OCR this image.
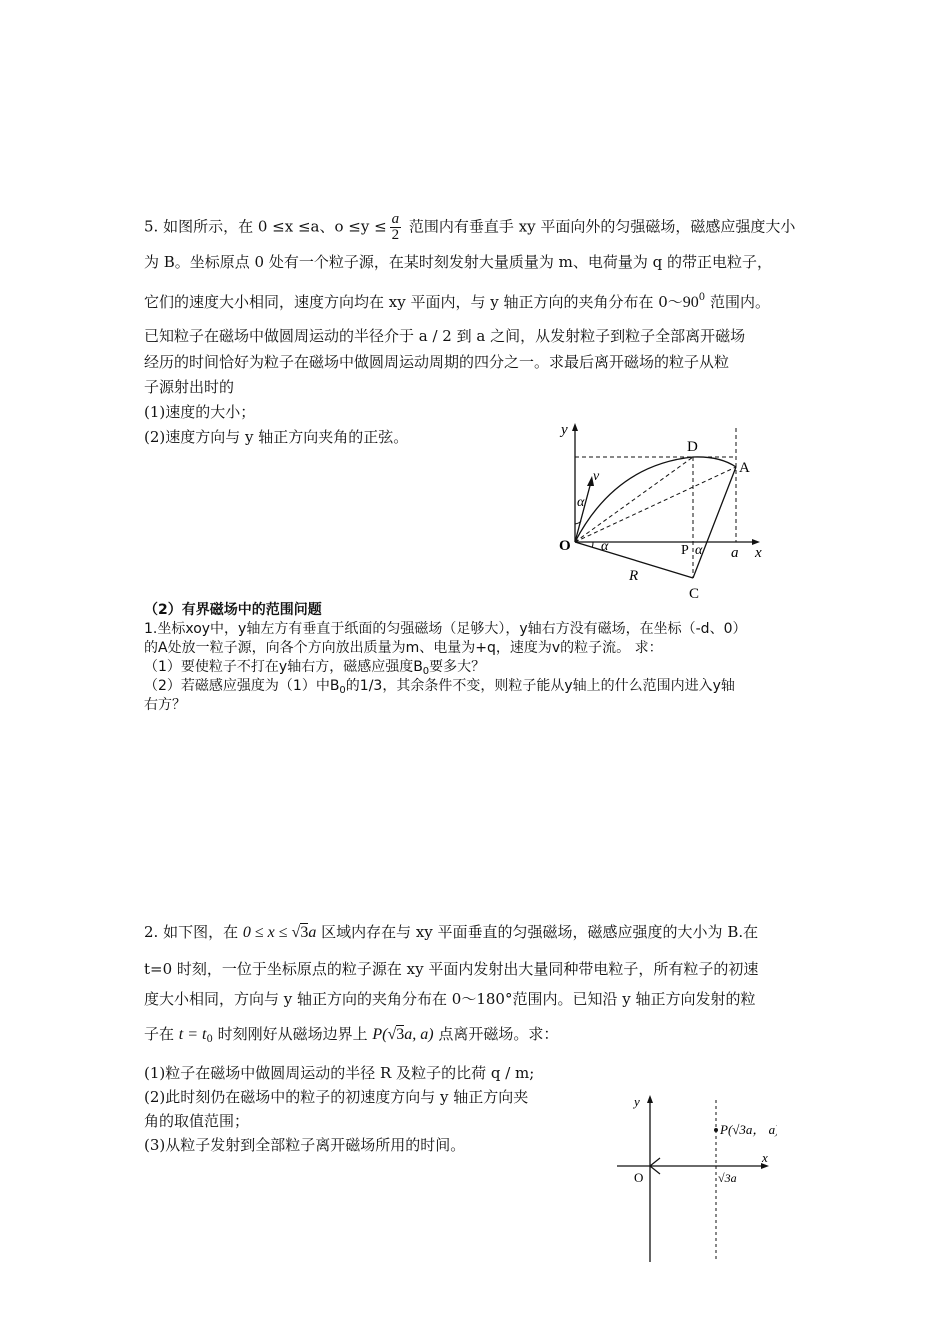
5. 如图所示，在 0 ≤x ≤a、$o \le y \le \frac{a}{2}$ 范围内有垂直手 xy 平面向外的匀强磁场，磁感应强度大小
为 B。坐标原点 0 处有一个粒子源，在某时刻发射大量质量为 m、电荷量为 q 的带正电粒子，
它们的速度大小相同，速度方向均在 xy 平面内，与 y 轴正方向的夹角分布在 $0\sim 90^0$ 范围内。
已知粒子在磁场中做圆周运动的半径介于 a / 2 到 a 之间，从发射粒子到粒子全部离开磁场
经历的时间恰好为粒子在磁场中做圆周运动周期的四分之一。求最后离开磁场的粒子从粒
子源射出时的
(1)速度的大小；
(2)速度方向与 y 轴正方向夹角的正弦。	y
x
O
D
A
P
C
v
α
α	α a
R
（2）有界磁场中的范围问题
1.坐标xoy中，y轴左方有垂直于纸面的匀强磁场（足够大），y轴右方没有磁场，在坐标（-d、0）
的A处放一粒子源，向各个方向放出质量为m、电量为+q，速度为v的粒子流。 求：
（1）要使粒子不打在y轴右方，磁感应强度$B_0$要多大？
（2）若磁感应强度为（1）中$B_0$的1/3，其余条件不变，则粒子能从y轴上的什么范围内进入y轴
右方？
2. 如下图，在 0 ≤ x ≤ √3a 区域内存在与 xy 平面垂直的匀强磁场，磁感应强度的大小为 B.在
t=0 时刻，一位于坐标原点的粒子源在 xy 平面内发射出大量同种带电粒子，所有粒子的初速
度大小相同，方向与 y 轴正方向的夹角分布在 0～180°范围内。已知沿 y 轴正方向发射的粒
子在 $t = t_0$ 时刻刚好从磁场边界上 P(√3a, a) 点离开磁场。求：
(1)粒子在磁场中做圆周运动的半径 R 及粒子的比荷 q / m;
(2)此时刻仍在磁场中的粒子的初速度方向与 y 轴正方向夹
角的取值范围；
(3)从粒子发射到全部粒子离开磁场所用的时间。
y
x
O
P(√3a， a)
√3a
